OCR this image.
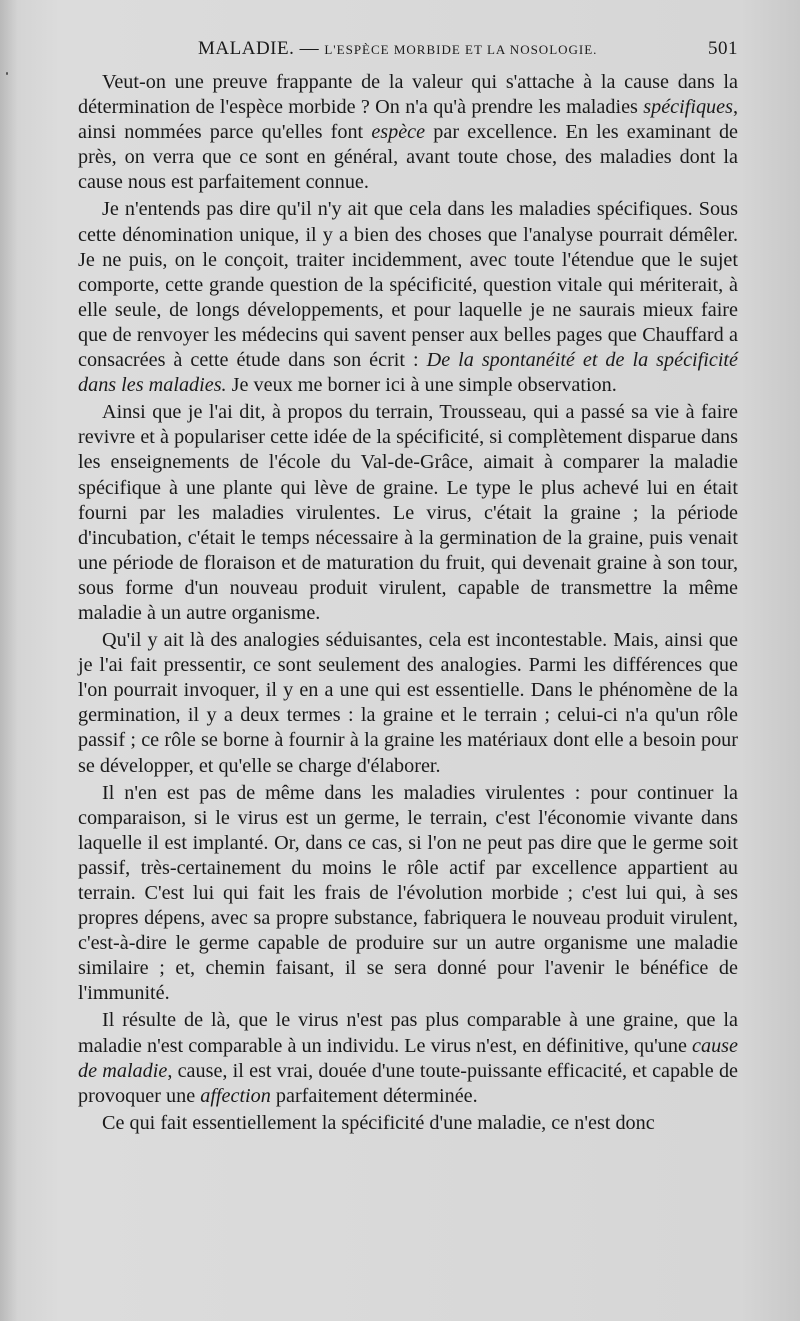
MALADIE. — L'ESPÈCE MORBIDE ET LA NOSOLOGIE.	501

Veut-on une preuve frappante de la valeur qui s'attache à la cause dans la détermination de l'espèce morbide ? On n'a qu'à prendre les maladies spécifiques, ainsi nommées parce qu'elles font espèce par excellence. En les examinant de près, on verra que ce sont en général, avant toute chose, des maladies dont la cause nous est parfaitement connue.

Je n'entends pas dire qu'il n'y ait que cela dans les maladies spécifiques. Sous cette dénomination unique, il y a bien des choses que l'analyse pourrait démêler. Je ne puis, on le conçoit, traiter incidemment, avec toute l'étendue que le sujet comporte, cette grande question de la spécificité, question vitale qui mériterait, à elle seule, de longs développements, et pour laquelle je ne saurais mieux faire que de renvoyer les médecins qui savent penser aux belles pages que Chauffard a consacrées à cette étude dans son écrit : De la spontanéité et de la spécificité dans les maladies. Je veux me borner ici à une simple observation.

Ainsi que je l'ai dit, à propos du terrain, Trousseau, qui a passé sa vie à faire revivre et à populariser cette idée de la spécificité, si complètement disparue dans les enseignements de l'école du Val-de-Grâce, aimait à comparer la maladie spécifique à une plante qui lève de graine. Le type le plus achevé lui en était fourni par les maladies virulentes. Le virus, c'était la graine ; la période d'incubation, c'était le temps nécessaire à la germination de la graine, puis venait une période de floraison et de maturation du fruit, qui devenait graine à son tour, sous forme d'un nouveau produit virulent, capable de transmettre la même maladie à un autre organisme.

Qu'il y ait là des analogies séduisantes, cela est incontestable. Mais, ainsi que je l'ai fait pressentir, ce sont seulement des analogies. Parmi les différences que l'on pourrait invoquer, il y en a une qui est essentielle. Dans le phénomène de la germination, il y a deux termes : la graine et le terrain ; celui-ci n'a qu'un rôle passif ; ce rôle se borne à fournir à la graine les matériaux dont elle a besoin pour se développer, et qu'elle se charge d'élaborer.

Il n'en est pas de même dans les maladies virulentes : pour continuer la comparaison, si le virus est un germe, le terrain, c'est l'économie vivante dans laquelle il est implanté. Or, dans ce cas, si l'on ne peut pas dire que le germe soit passif, très-certainement du moins le rôle actif par excellence appartient au terrain. C'est lui qui fait les frais de l'évolution morbide ; c'est lui qui, à ses propres dépens, avec sa propre substance, fabriquera le nouveau produit virulent, c'est-à-dire le germe capable de produire sur un autre organisme une maladie similaire ; et, chemin faisant, il se sera donné pour l'avenir le bénéfice de l'immunité.

Il résulte de là, que le virus n'est pas plus comparable à une graine, que la maladie n'est comparable à un individu. Le virus n'est, en définitive, qu'une cause de maladie, cause, il est vrai, douée d'une toute-puissante efficacité, et capable de provoquer une affection parfaitement déterminée.

Ce qui fait essentiellement la spécificité d'une maladie, ce n'est donc
